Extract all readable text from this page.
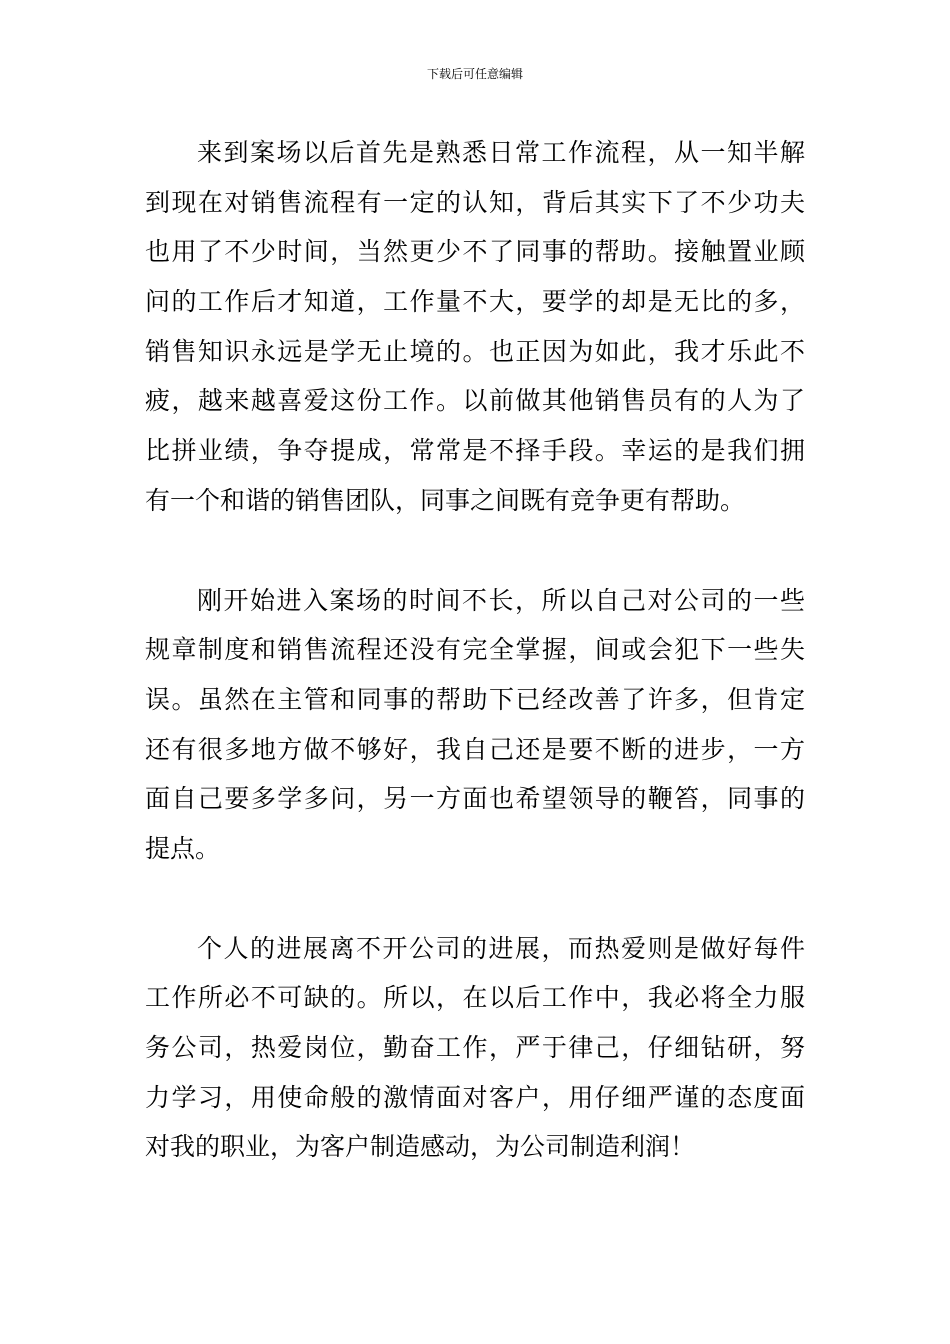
下载后可任意编辑
来到案场以后首先是熟悉日常工作流程，从一知半解
到现在对销售流程有一定的认知，背后其实下了不少功夫
也用了不少时间，当然更少不了同事的帮助。接触置业顾
问的工作后才知道，工作量不大，要学的却是无比的多，
销售知识永远是学无止境的。也正因为如此，我才乐此不
疲，越来越喜爱这份工作。以前做其他销售员有的人为了
比拼业绩，争夺提成，常常是不择手段。幸运的是我们拥
有一个和谐的销售团队，同事之间既有竞争更有帮助。
刚开始进入案场的时间不长，所以自己对公司的一些
规章制度和销售流程还没有完全掌握，间或会犯下一些失
误。虽然在主管和同事的帮助下已经改善了许多，但肯定
还有很多地方做不够好，我自己还是要不断的进步，一方
面自己要多学多问，另一方面也希望领导的鞭笞，同事的
提点。
个人的进展离不开公司的进展，而热爱则是做好每件
工作所必不可缺的。所以，在以后工作中，我必将全力服
务公司，热爱岗位，勤奋工作，严于律己，仔细钻研，努
力学习，用使命般的激情面对客户，用仔细严谨的态度面
对我的职业，为客户制造感动，为公司制造利润！
